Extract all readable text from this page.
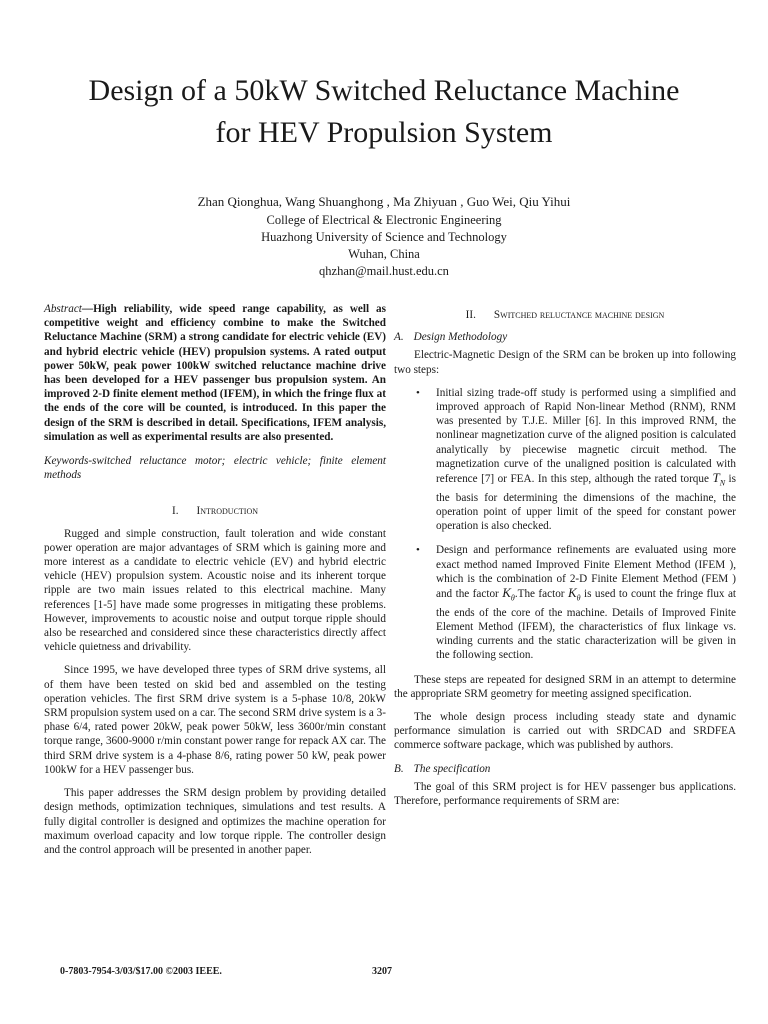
Design of a 50kW Switched Reluctance Machine
for HEV Propulsion System
Zhan Qionghua, Wang Shuanghong , Ma Zhiyuan , Guo Wei, Qiu Yihui
College of Electrical & Electronic Engineering
Huazhong University of Science and Technology
Wuhan, China
qhzhan@mail.hust.edu.cn

Abstract—High reliability, wide speed range capability, as well as competitive weight and efficiency combine to make the Switched Reluctance Machine (SRM) a strong candidate for electric vehicle (EV) and hybrid electric vehicle (HEV) propulsion systems. A rated output power 50kW, peak power 100kW switched reluctance machine drive has been developed for a HEV passenger bus propulsion system. An improved 2-D finite element method (IFEM), in which the fringe flux at the ends of the core will be counted, is introduced. In this paper the design of the SRM is described in detail. Specifications, IFEM analysis, simulation as well as experimental results are also presented.

Keywords-switched reluctance motor; electric vehicle; finite element methods

I. Introduction

Rugged and simple construction, fault toleration and wide constant power operation are major advantages of SRM which is gaining more and more interest as a candidate to electric vehicle (EV) and hybrid electric vehicle (HEV) propulsion system. Acoustic noise and its inherent torque ripple are two main issues related to this electrical machine. Many references [1-5] have made some progresses in mitigating these problems. However, improvements to acoustic noise and output torque ripple should also be researched and considered since these characteristics directly affect vehicle quietness and drivability.

Since 1995, we have developed three types of SRM drive systems, all of them have been tested on skid bed and assembled on the testing operation vehicles. The first SRM drive system is a 5-phase 10/8, 20kW SRM propulsion system used on a car. The second SRM drive system is a 3-phase 6/4, rated power 20kW, peak power 50kW, less 3600r/min constant torque range, 3600-9000 r/min constant power range for repack AX car. The third SRM drive system is a 4-phase 8/6, rating power 50 kW, peak power 100kW for a HEV passenger bus.

This paper addresses the SRM design problem by providing detailed design methods, optimization techniques, simulations and test results. A fully digital controller is designed and optimizes the machine operation for maximum overload capacity and low torque ripple. The controller design and the control approach will be presented in another paper.

II. Switched reluctance machine design
A. Design Methodology

Electric-Magnetic Design of the SRM can be broken up into following two steps:

• Initial sizing trade-off study is performed using a simplified and improved approach of Rapid Non-linear Method (RNM), RNM was presented by T.J.E. Miller [6]. In this improved RNM, the nonlinear magnetization curve of the aligned position is calculated analytically by piecewise magnetic circuit method. The magnetization curve of the unaligned position is calculated with reference [7] or FEA. In this step, although the rated torque $T_N$ is the basis for determining the dimensions of the machine, the operation point of upper limit of the speed for constant power operation is also checked.
• Design and performance refinements are evaluated using more exact method named Improved Finite Element Method (IFEM ), which is the combination of 2-D Finite Element Method (FEM ) and the factor $K_\theta.The$ factor $K_\theta$ is used to count the fringe flux at the ends of the core of the machine. Details of Improved Finite Element Method (IFEM), the characteristics of flux linkage vs. winding currents and the static characterization will be given in the following section.

These steps are repeated for designed SRM in an attempt to determine the appropriate SRM geometry for meeting assigned specification.

The whole design process including steady state and dynamic performance simulation is carried out with SRDCAD and SRDFEA commerce software package, which was published by authors.

B. The specification

The goal of this SRM project is for HEV passenger bus applications. Therefore, performance requirements of SRM are:

0-7803-7954-3/03/$17.00 ©2003 IEEE.	3207
